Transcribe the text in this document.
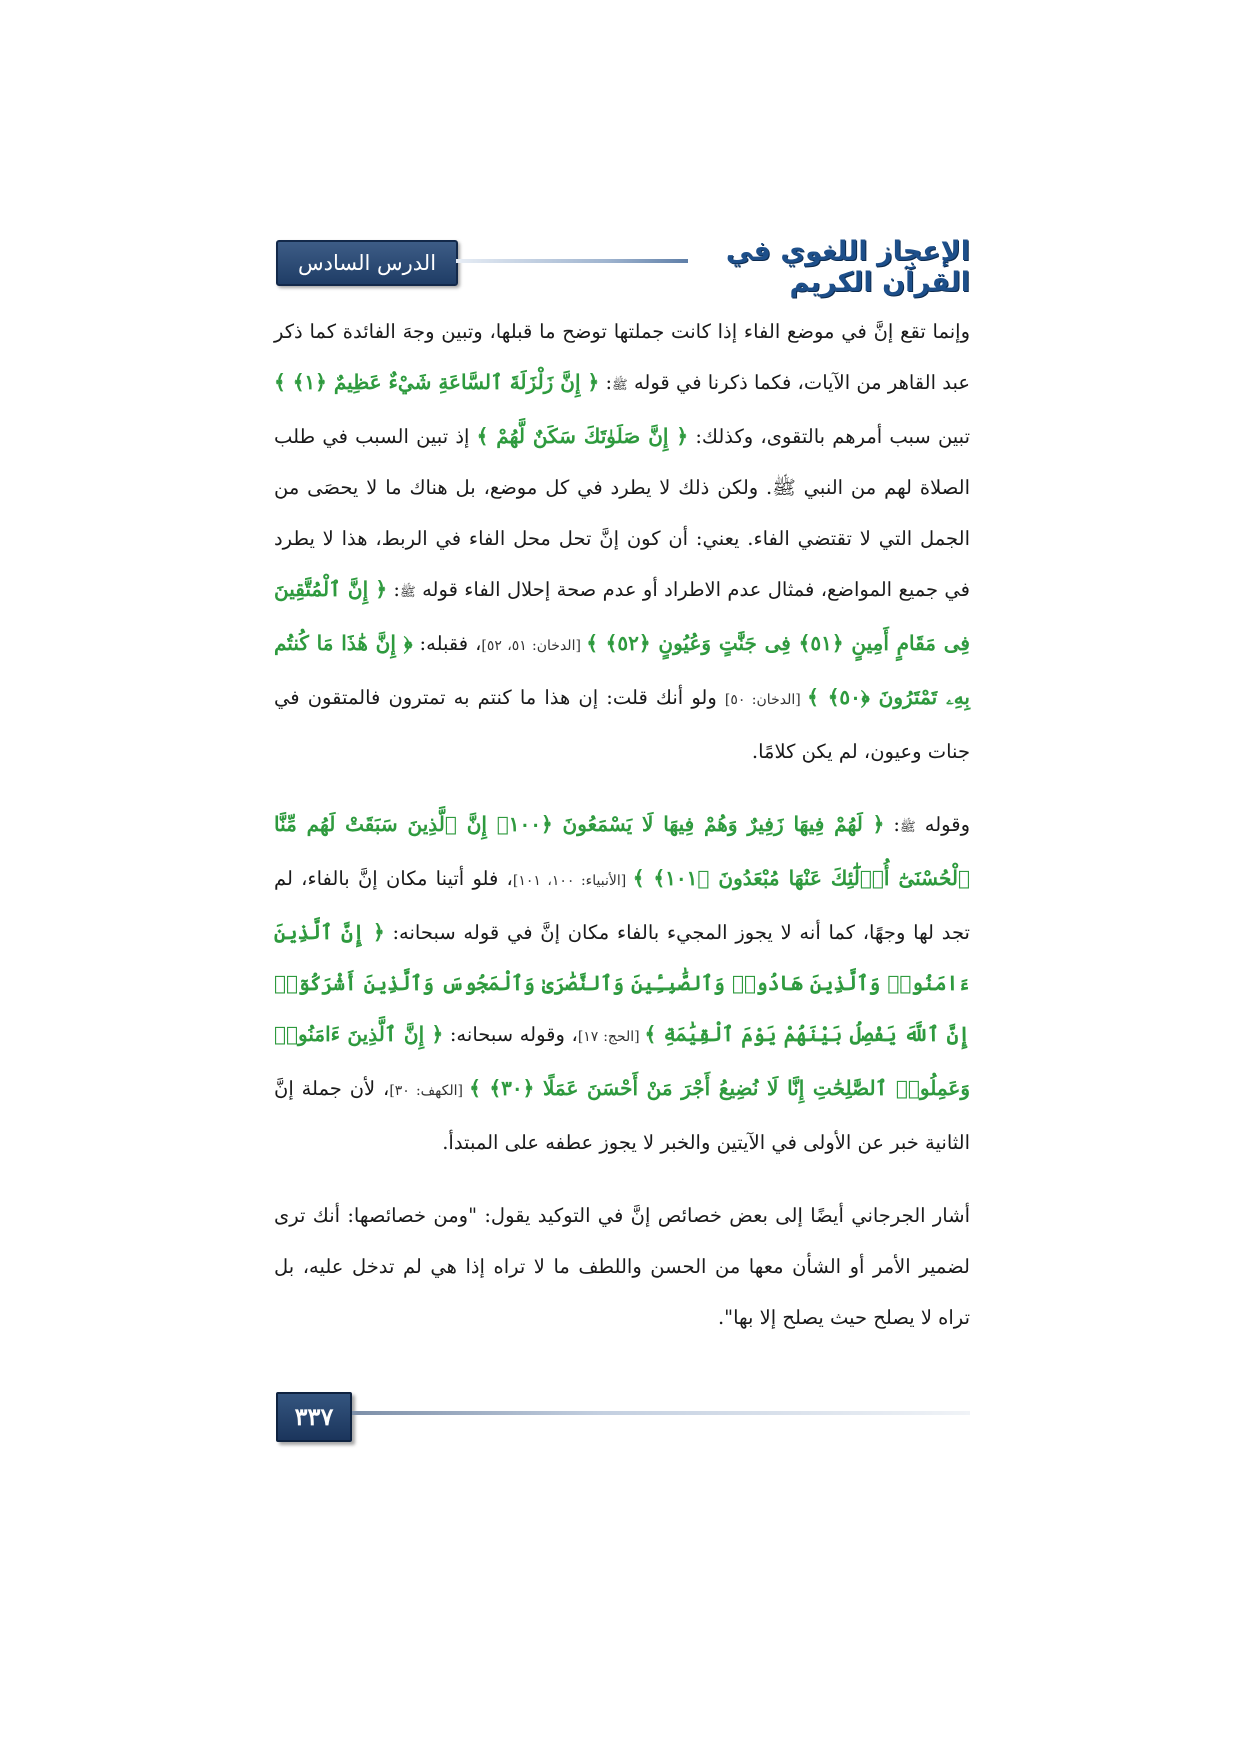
الدرس السادس عشر
الإعجاز اللغوي في القرآن الكريم

وإنما تقع إنَّ في موضع الفاء إذا كانت جملتها توضح ما قبلها، وتبين وجهَ الفائدة كما ذكر عبد القاهر من الآيات، فكما ذكرنا في قوله ﷺ: ﴿ إِنَّ زَلْزَلَةَ ٱلسَّاعَةِ شَيْءٌ عَظِيمٌ ﴿١﴾ ﴾ تبين سبب أمرهم بالتقوى، وكذلك: ﴿ إِنَّ صَلَوٰتَكَ سَكَنٌ لَّهُمْ ﴾ إذ تبين السبب في طلب الصلاة لهم من النبي ﷺ. ولكن ذلك لا يطرد في كل موضع، بل هناك ما لا يحصَى من الجمل التي لا تقتضي الفاء. يعني: أن كون إنَّ تحل محل الفاء في الربط، هذا لا يطرد في جميع المواضع، فمثال عدم الاطراد أو عدم صحة إحلال الفاء قوله ﷺ: ﴿ إِنَّ ٱلْمُتَّقِينَ فِى مَقَامٍ أَمِينٍ ﴿٥١﴾ فِى جَنَّٰتٍ وَعُيُونٍ ﴿٥٢﴾ ﴾ [الدخان: ٥١، ٥٢]، فقبله: ﴿ إِنَّ هَٰذَا مَا كُنتُم بِهِۦ تَمْتَرُونَ ﴿٥٠﴾ ﴾ [الدخان: ٥٠] ولو أنك قلت: إن هذا ما كنتم به تمترون فالمتقون في جنات وعيون، لم يكن كلامًا.

وقوله ﷺ: ﴿ لَهُمْ فِيهَا زَفِيرٌ وَهُمْ فِيهَا لَا يَسْمَعُونَ ﴿١٠٠﴾ إِنَّ ٱلَّذِينَ سَبَقَتْ لَهُم مِّنَّا ٱلْحُسْنَىٰٓ أُو۟لَٰٓئِكَ عَنْهَا مُبْعَدُونَ ﴿١٠١﴾ ﴾ [الأنبياء: ١٠٠، ١٠١]، فلو أتينا مكان إنَّ بالفاء، لم تجد لها وجهًا، كما أنه لا يجوز المجيء بالفاء مكان إنَّ في قوله سبحانه: ﴿ إِنَّ ٱلَّذِينَ ءَامَنُوا۟ وَٱلَّذِينَ هَادُوا۟ وَٱلصَّٰبِـِٔينَ وَٱلنَّصَٰرَىٰ وَٱلْمَجُوسَ وَٱلَّذِينَ أَشْرَكُوٓا۟ إِنَّ ٱللَّهَ يَفْصِلُ بَيْنَهُمْ يَوْمَ ٱلْقِيَٰمَةِ ﴾ [الحج: ١٧]، وقوله سبحانه: ﴿ إِنَّ ٱلَّذِينَ ءَامَنُوا۟ وَعَمِلُوا۟ ٱلصَّٰلِحَٰتِ إِنَّا لَا نُضِيعُ أَجْرَ مَنْ أَحْسَنَ عَمَلًا ﴿٣٠﴾ ﴾ [الكهف: ٣٠]، لأن جملة إنَّ الثانية خبر عن الأولى في الآيتين والخبر لا يجوز عطفه على المبتدأ.

أشار الجرجاني أيضًا إلى بعض خصائص إنَّ في التوكيد يقول: "ومن خصائصها: أنك ترى لضمير الأمر أو الشأن معها من الحسن واللطف ما لا تراه إذا هي لم تدخل عليه، بل تراه لا يصلح حيث يصلح إلا بها".

٣٣٧
